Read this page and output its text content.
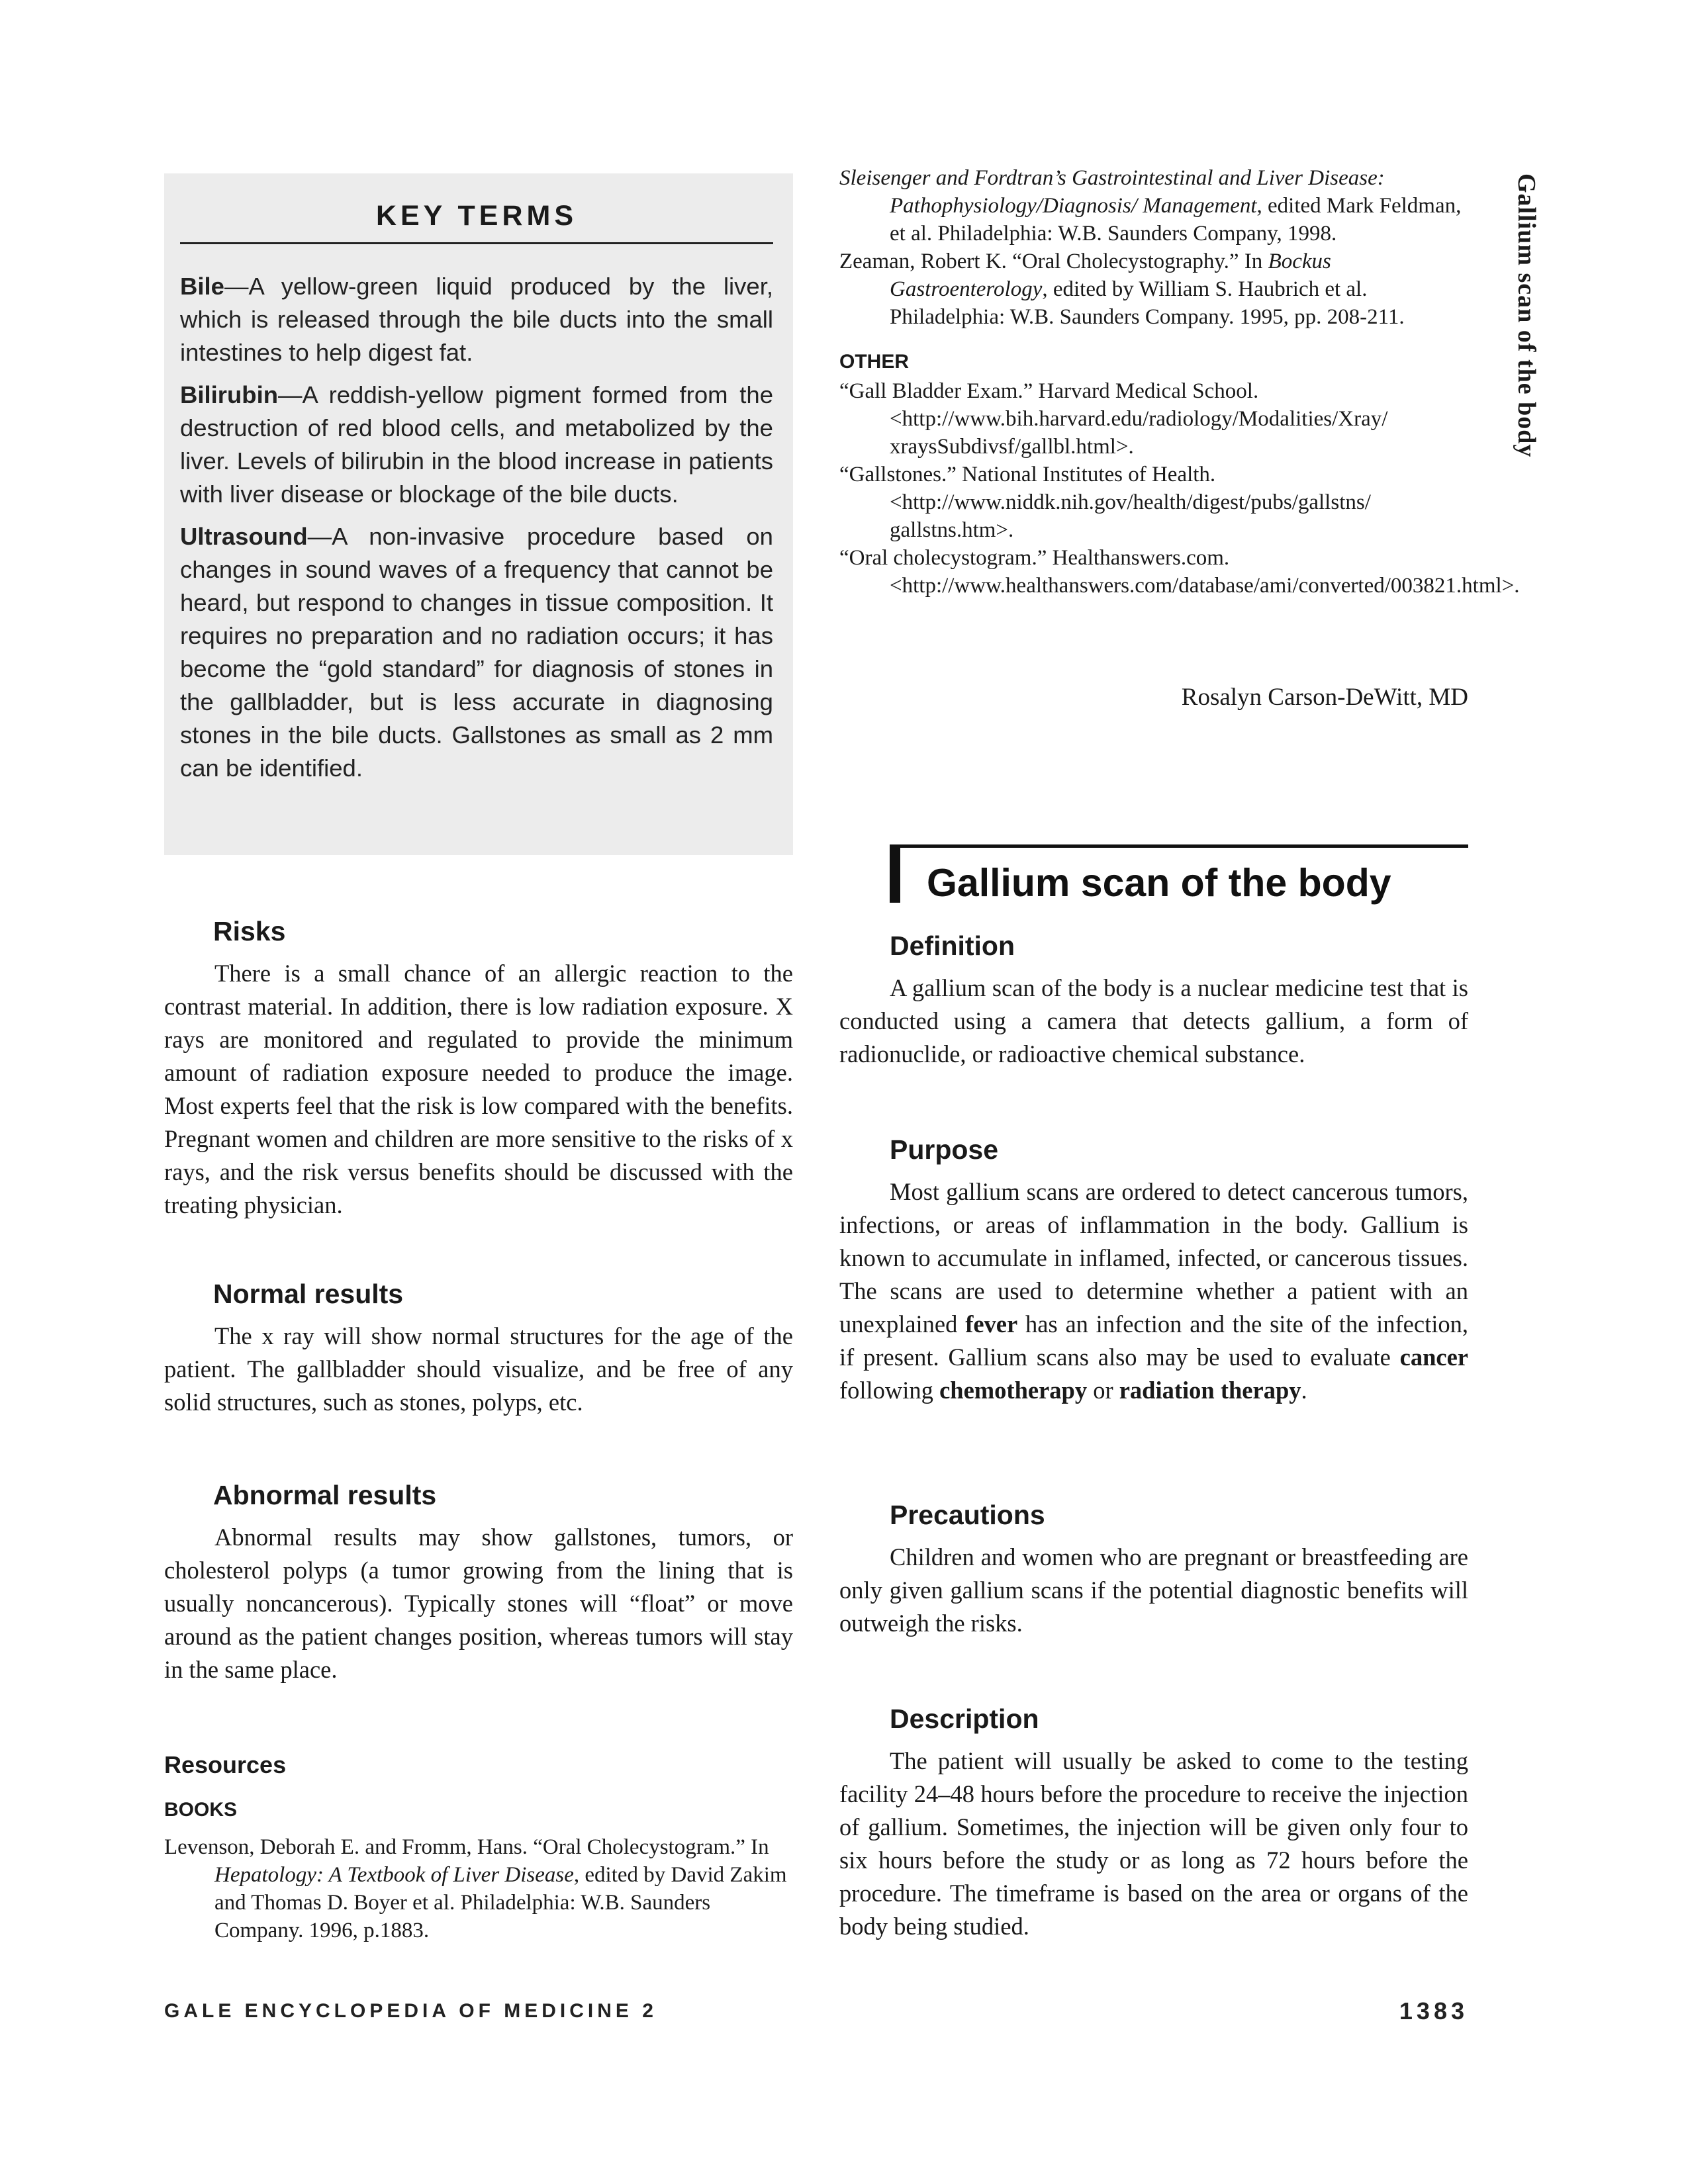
KEY TERMS

Bile—A yellow-green liquid produced by the liver, which is released through the bile ducts into the small intestines to help digest fat.

Bilirubin—A reddish-yellow pigment formed from the destruction of red blood cells, and metabolized by the liver. Levels of bilirubin in the blood increase in patients with liver disease or blockage of the bile ducts.

Ultrasound—A non-invasive procedure based on changes in sound waves of a frequency that cannot be heard, but respond to changes in tissue composition. It requires no preparation and no radiation occurs; it has become the “gold standard” for diagnosis of stones in the gallbladder, but is less accurate in diagnosing stones in the bile ducts. Gallstones as small as 2 mm can be identified.

Risks

There is a small chance of an allergic reaction to the contrast material. In addition, there is low radiation exposure. X rays are monitored and regulated to provide the minimum amount of radiation exposure needed to produce the image. Most experts feel that the risk is low compared with the benefits. Pregnant women and children are more sensitive to the risks of x rays, and the risk versus benefits should be discussed with the treating physician.

Normal results

The x ray will show normal structures for the age of the patient. The gallbladder should visualize, and be free of any solid structures, such as stones, polyps, etc.

Abnormal results

Abnormal results may show gallstones, tumors, or cholesterol polyps (a tumor growing from the lining that is usually noncancerous). Typically stones will “float” or move around as the patient changes position, whereas tumors will stay in the same place.

Resources
BOOKS

Levenson, Deborah E. and Fromm, Hans. “Oral Cholecystogram.” In Hepatology: A Textbook of Liver Disease, edited by David Zakim and Thomas D. Boyer et al. Philadelphia: W.B. Saunders Company. 1996, p.1883.

Sleisenger and Fordtran’s Gastrointestinal and Liver Disease: Pathophysiology/Diagnosis/ Management, edited Mark Feldman, et al. Philadelphia: W.B. Saunders Company, 1998.

Zeaman, Robert K. “Oral Cholecystography.” In Bockus Gastroenterology, edited by William S. Haubrich et al. Philadelphia: W.B. Saunders Company. 1995, pp. 208-211.

OTHER

“Gall Bladder Exam.” Harvard Medical School. <http://www.bih.harvard.edu/radiology/Modalities/Xray/ xraysSubdivsf/gallbl.html>.

“Gallstones.” National Institutes of Health. <http://www.niddk.nih.gov/health/digest/pubs/gallstns/ gallstns.htm>.

“Oral cholecystogram.” Healthanswers.com. <http://www.healthanswers.com/database/ami/converted/003821.html>.

Rosalyn Carson-DeWitt, MD
Gallium scan of the body
Definition

A gallium scan of the body is a nuclear medicine test that is conducted using a camera that detects gallium, a form of radionuclide, or radioactive chemical substance.

Purpose

Most gallium scans are ordered to detect cancerous tumors, infections, or areas of inflammation in the body. Gallium is known to accumulate in inflamed, infected, or cancerous tissues. The scans are used to determine whether a patient with an unexplained fever has an infection and the site of the infection, if present. Gallium scans also may be used to evaluate cancer following chemotherapy or radiation therapy.

Precautions

Children and women who are pregnant or breastfeeding are only given gallium scans if the potential diagnostic benefits will outweigh the risks.

Description

The patient will usually be asked to come to the testing facility 24–48 hours before the procedure to receive the injection of gallium. Sometimes, the injection will be given only four to six hours before the study or as long as 72 hours before the procedure. The timeframe is based on the area or organs of the body being studied.

Gallium scan of the body
GALE ENCYCLOPEDIA OF MEDICINE 2	1383
